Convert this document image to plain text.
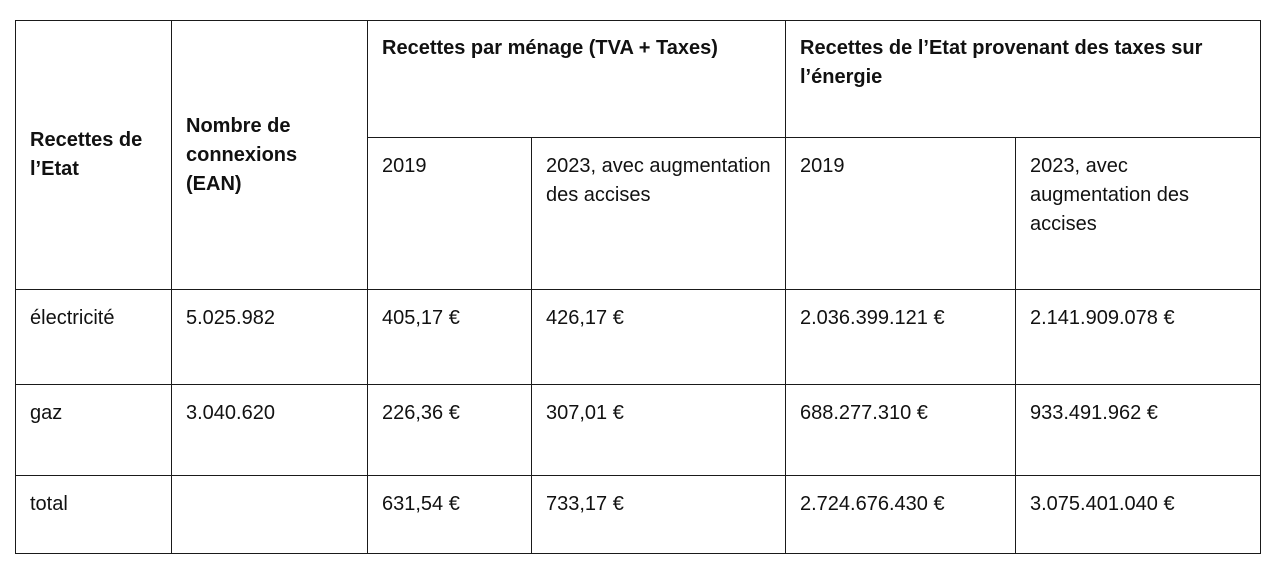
Recettes de l’Etat	Nombre de connexions (EAN)	Recettes par ménage (TVA + Taxes)		Recettes de l’Etat provenant des taxes sur l’énergie	

		2019	2023, avec augmentation des accises	2019	2023, avec augmentation des accises

électricité	5.025.982	405,17 €	426,17 €	2.036.399.121 €	2.141.909.078 €

gaz	3.040.620	226,36 €	307,01 €	688.277.310 €	933.491.962 €

total		631,54 €	733,17 €	2.724.676.430 €	3.075.401.040 €
